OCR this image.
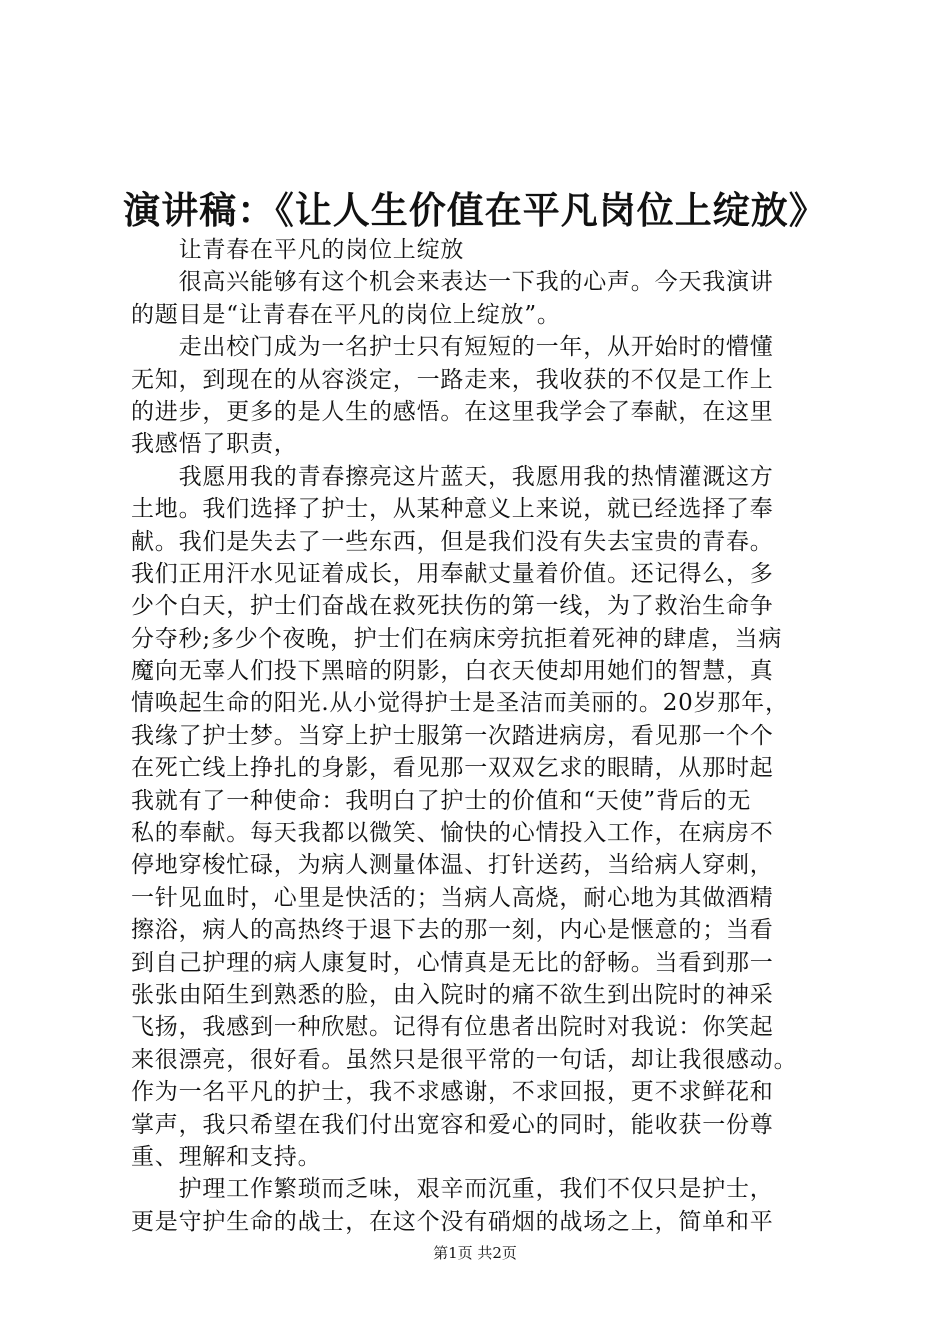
演讲稿：《让人生价值在平凡岗位上绽放》
　　让青春在平凡的岗位上绽放
　　很高兴能够有这个机会来表达一下我的心声。今天我演讲
的题目是“让青春在平凡的岗位上绽放”。
　　走出校门成为一名护士只有短短的一年，从开始时的懵懂
无知，到现在的从容淡定，一路走来，我收获的不仅是工作上
的进步，更多的是人生的感悟。在这里我学会了奉献，在这里
我感悟了职责，
　　我愿用我的青春擦亮这片蓝天，我愿用我的热情灌溉这方
土地。我们选择了护士，从某种意义上来说，就已经选择了奉
献。我们是失去了一些东西，但是我们没有失去宝贵的青春。
我们正用汗水见证着成长，用奉献丈量着价值。还记得么，多
少个白天，护士们奋战在救死扶伤的第一线，为了救治生命争
分夺秒;多少个夜晚，护士们在病床旁抗拒着死神的肆虐，当病
魔向无辜人们投下黑暗的阴影，白衣天使却用她们的智慧，真
情唤起生命的阳光.从小觉得护士是圣洁而美丽的。20岁那年，
我缘了护士梦。当穿上护士服第一次踏进病房，看见那一个个
在死亡线上挣扎的身影，看见那一双双乞求的眼睛，从那时起
我就有了一种使命：我明白了护士的价值和“天使”背后的无
私的奉献。每天我都以微笑、愉快的心情投入工作，在病房不
停地穿梭忙碌，为病人测量体温、打针送药，当给病人穿刺，
一针见血时，心里是快活的；当病人高烧，耐心地为其做酒精
擦浴，病人的高热终于退下去的那一刻，内心是惬意的；当看
到自己护理的病人康复时，心情真是无比的舒畅。当看到那一
张张由陌生到熟悉的脸，由入院时的痛不欲生到出院时的神采
飞扬，我感到一种欣慰。记得有位患者出院时对我说：你笑起
来很漂亮，很好看。虽然只是很平常的一句话，却让我很感动。
作为一名平凡的护士，我不求感谢，不求回报，更不求鲜花和
掌声，我只希望在我们付出宽容和爱心的同时，能收获一份尊
重、理解和支持。
　　护理工作繁琐而乏味，艰辛而沉重，我们不仅只是护士，
更是守护生命的战士，在这个没有硝烟的战场之上，简单和平
第1页 共2页
